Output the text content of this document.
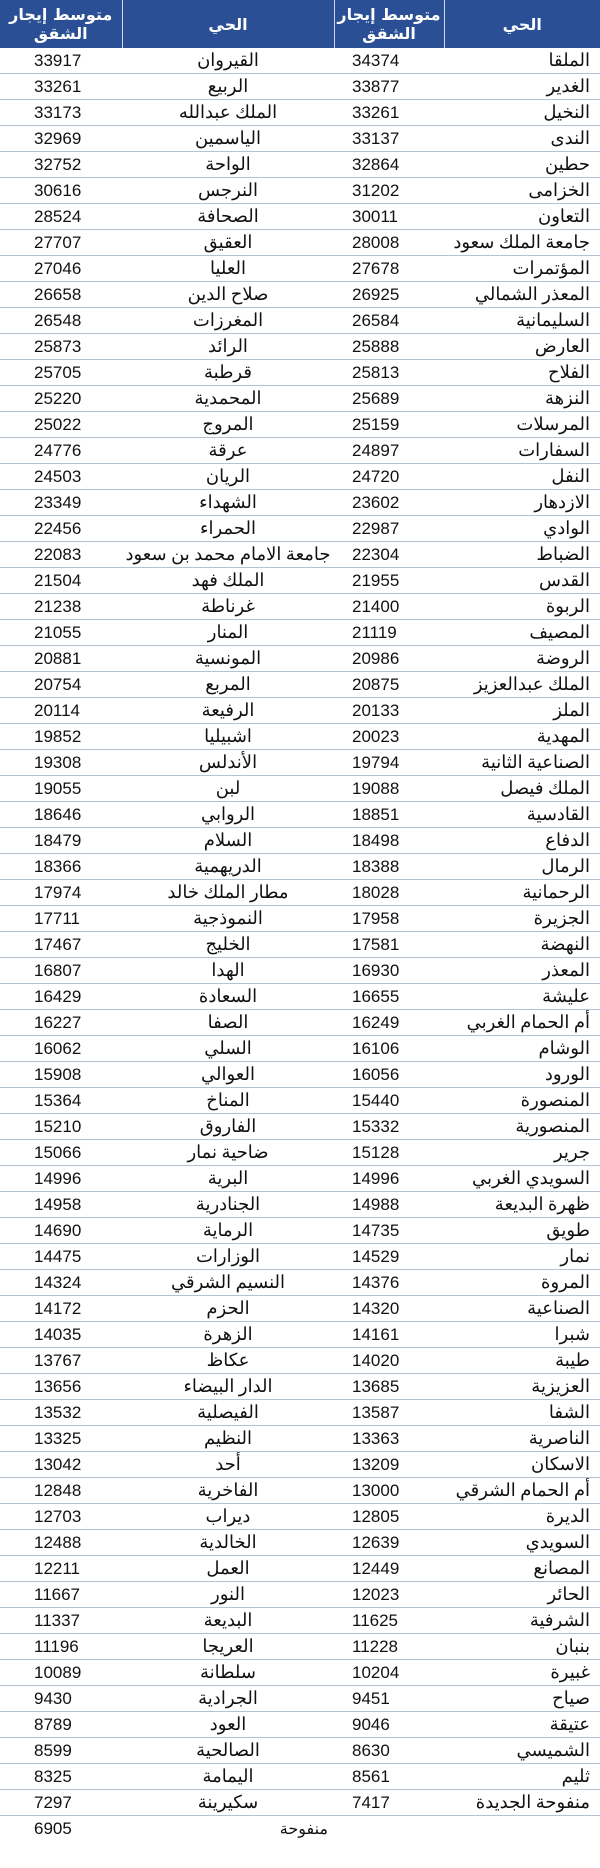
متوسط إيجار الشقق	الحي	متوسط إيجار الشقق	الحي
33917	القيروان	34374	الملقا
33261	الربيع	33877	الغدير
33173	الملك عبدالله	33261	النخيل
32969	الياسمين	33137	الندى
32752	الواحة	32864	حطين
30616	النرجس	31202	الخزامى
28524	الصحافة	30011	التعاون
27707	العقيق	28008	جامعة الملك سعود
27046	العليا	27678	المؤتمرات
26658	صلاح الدين	26925	المعذر الشمالي
26548	المغرزات	26584	السليمانية
25873	الرائد	25888	العارض
25705	قرطبة	25813	الفلاح
25220	المحمدية	25689	النزهة
25022	المروج	25159	المرسلات
24776	عرقة	24897	السفارات
24503	الريان	24720	النفل
23349	الشهداء	23602	الازدهار
22456	الحمراء	22987	الوادي
22083	جامعة الامام محمد بن سعود	22304	الضباط
21504	الملك فهد	21955	القدس
21238	غرناطة	21400	الربوة
21055	المنار	21119	المصيف
20881	المونسية	20986	الروضة
20754	المربع	20875	الملك عبدالعزيز
20114	الرفيعة	20133	الملز
19852	اشبيليا	20023	المهدية
19308	الأندلس	19794	الصناعية الثانية
19055	لبن	19088	الملك فيصل
18646	الروابي	18851	القادسية
18479	السلام	18498	الدفاع
18366	الدريهمية	18388	الرمال
17974	مطار الملك خالد	18028	الرحمانية
17711	النموذجية	17958	الجزيرة
17467	الخليج	17581	النهضة
16807	الهدا	16930	المعذر
16429	السعادة	16655	عليشة
16227	الصفا	16249	أم الحمام الغربي
16062	السلي	16106	الوشام
15908	العوالي	16056	الورود
15364	المناخ	15440	المنصورة
15210	الفاروق	15332	المنصورية
15066	ضاحية نمار	15128	جرير
14996	البرية	14996	السويدي الغربي
14958	الجنادرية	14988	ظهرة البديعة
14690	الرماية	14735	طويق
14475	الوزارات	14529	نمار
14324	النسيم الشرقي	14376	المروة
14172	الحزم	14320	الصناعية
14035	الزهرة	14161	شبرا
13767	عكاظ	14020	طيبة
13656	الدار البيضاء	13685	العزيزية
13532	الفيصلية	13587	الشفا
13325	النظيم	13363	الناصرية
13042	أحد	13209	الاسكان
12848	الفاخرية	13000	أم الحمام الشرقي
12703	ديراب	12805	الديرة
12488	الخالدية	12639	السويدي
12211	العمل	12449	المصانع
11667	النور	12023	الحائر
11337	البديعة	11625	الشرفية
11196	العريجا	11228	بنبان
10089	سلطانة	10204	غبيرة
9430	الجرادية	9451	صياح
8789	العود	9046	عتيقة
8599	الصالحية	8630	الشميسي
8325	اليمامة	8561	ثليم
7297	سكيرينة	7417	منفوحة الجديدة
6905	منفوحة		
